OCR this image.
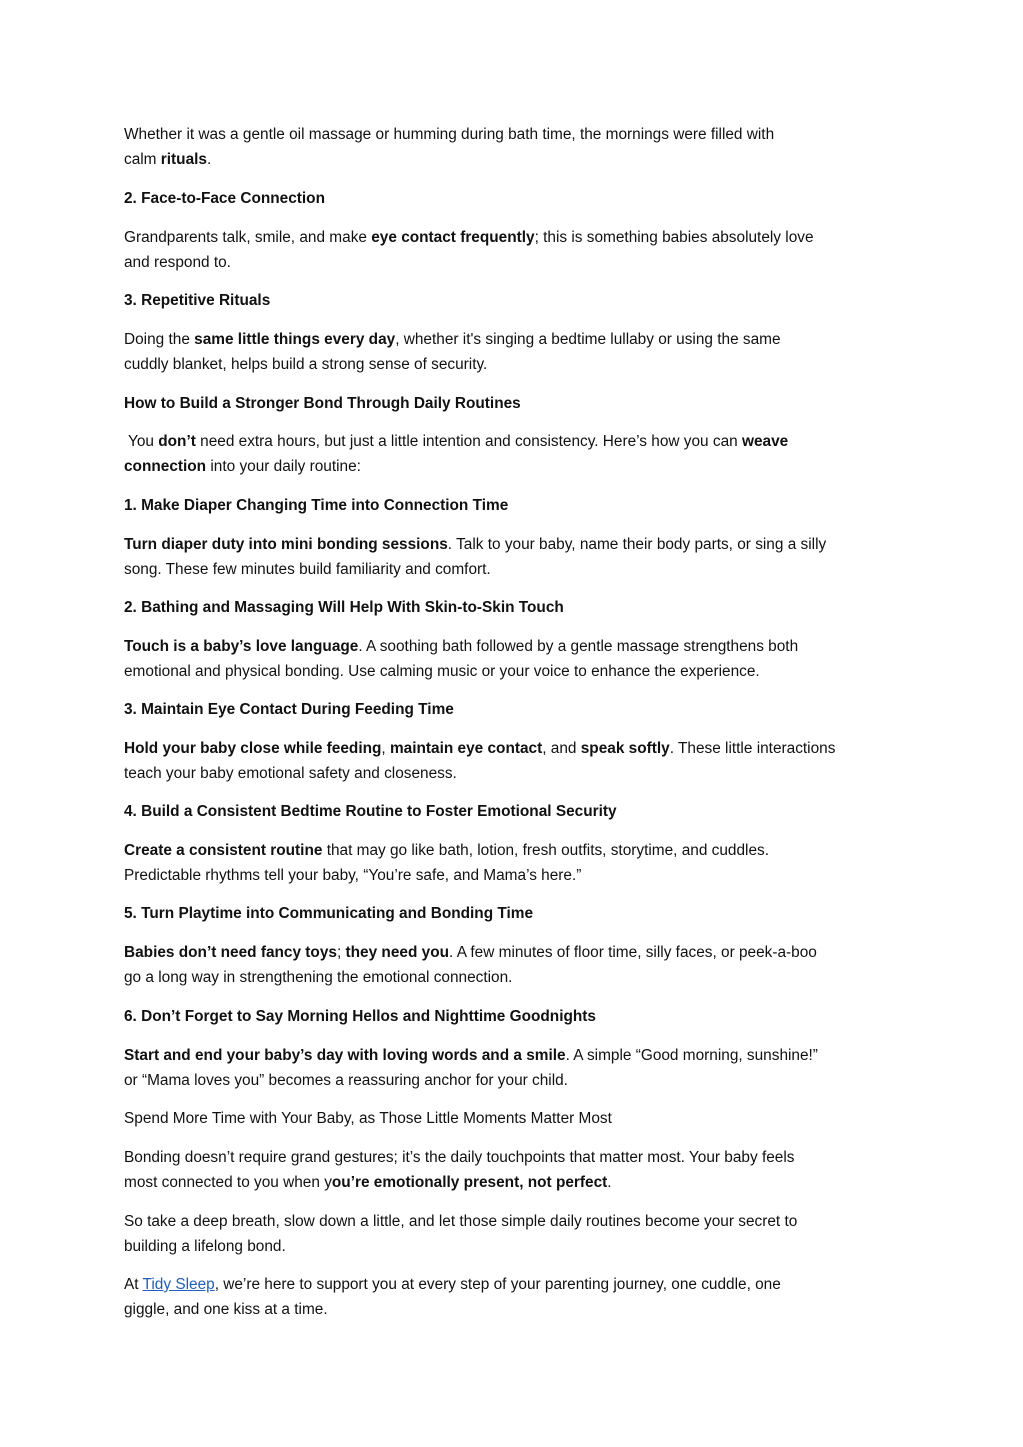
Whether it was a gentle oil massage or humming during bath time, the mornings were filled with
calm rituals.

2. Face-to-Face Connection

Grandparents talk, smile, and make eye contact frequently; this is something babies absolutely love
and respond to.

3. Repetitive Rituals

Doing the same little things every day, whether it's singing a bedtime lullaby or using the same
cuddly blanket, helps build a strong sense of security.

How to Build a Stronger Bond Through Daily Routines

You don’t need extra hours, but just a little intention and consistency. Here’s how you can weave
connection into your daily routine:

1. Make Diaper Changing Time into Connection Time

Turn diaper duty into mini bonding sessions. Talk to your baby, name their body parts, or sing a silly
song. These few minutes build familiarity and comfort.

2. Bathing and Massaging Will Help With Skin-to-Skin Touch

Touch is a baby’s love language. A soothing bath followed by a gentle massage strengthens both
emotional and physical bonding. Use calming music or your voice to enhance the experience.

3. Maintain Eye Contact During Feeding Time

Hold your baby close while feeding, maintain eye contact, and speak softly. These little interactions
teach your baby emotional safety and closeness.

4. Build a Consistent Bedtime Routine to Foster Emotional Security

Create a consistent routine that may go like bath, lotion, fresh outfits, storytime, and cuddles.
Predictable rhythms tell your baby, “You’re safe, and Mama’s here.”

5. Turn Playtime into Communicating and Bonding Time

Babies don’t need fancy toys; they need you. A few minutes of floor time, silly faces, or peek-a-boo
go a long way in strengthening the emotional connection.

6. Don’t Forget to Say Morning Hellos and Nighttime Goodnights

Start and end your baby’s day with loving words and a smile. A simple “Good morning, sunshine!”
or “Mama loves you” becomes a reassuring anchor for your child.

Spend More Time with Your Baby, as Those Little Moments Matter Most

Bonding doesn’t require grand gestures; it’s the daily touchpoints that matter most. Your baby feels
most connected to you when you’re emotionally present, not perfect.

So take a deep breath, slow down a little, and let those simple daily routines become your secret to
building a lifelong bond.

At Tidy Sleep, we’re here to support you at every step of your parenting journey, one cuddle, one
giggle, and one kiss at a time.
